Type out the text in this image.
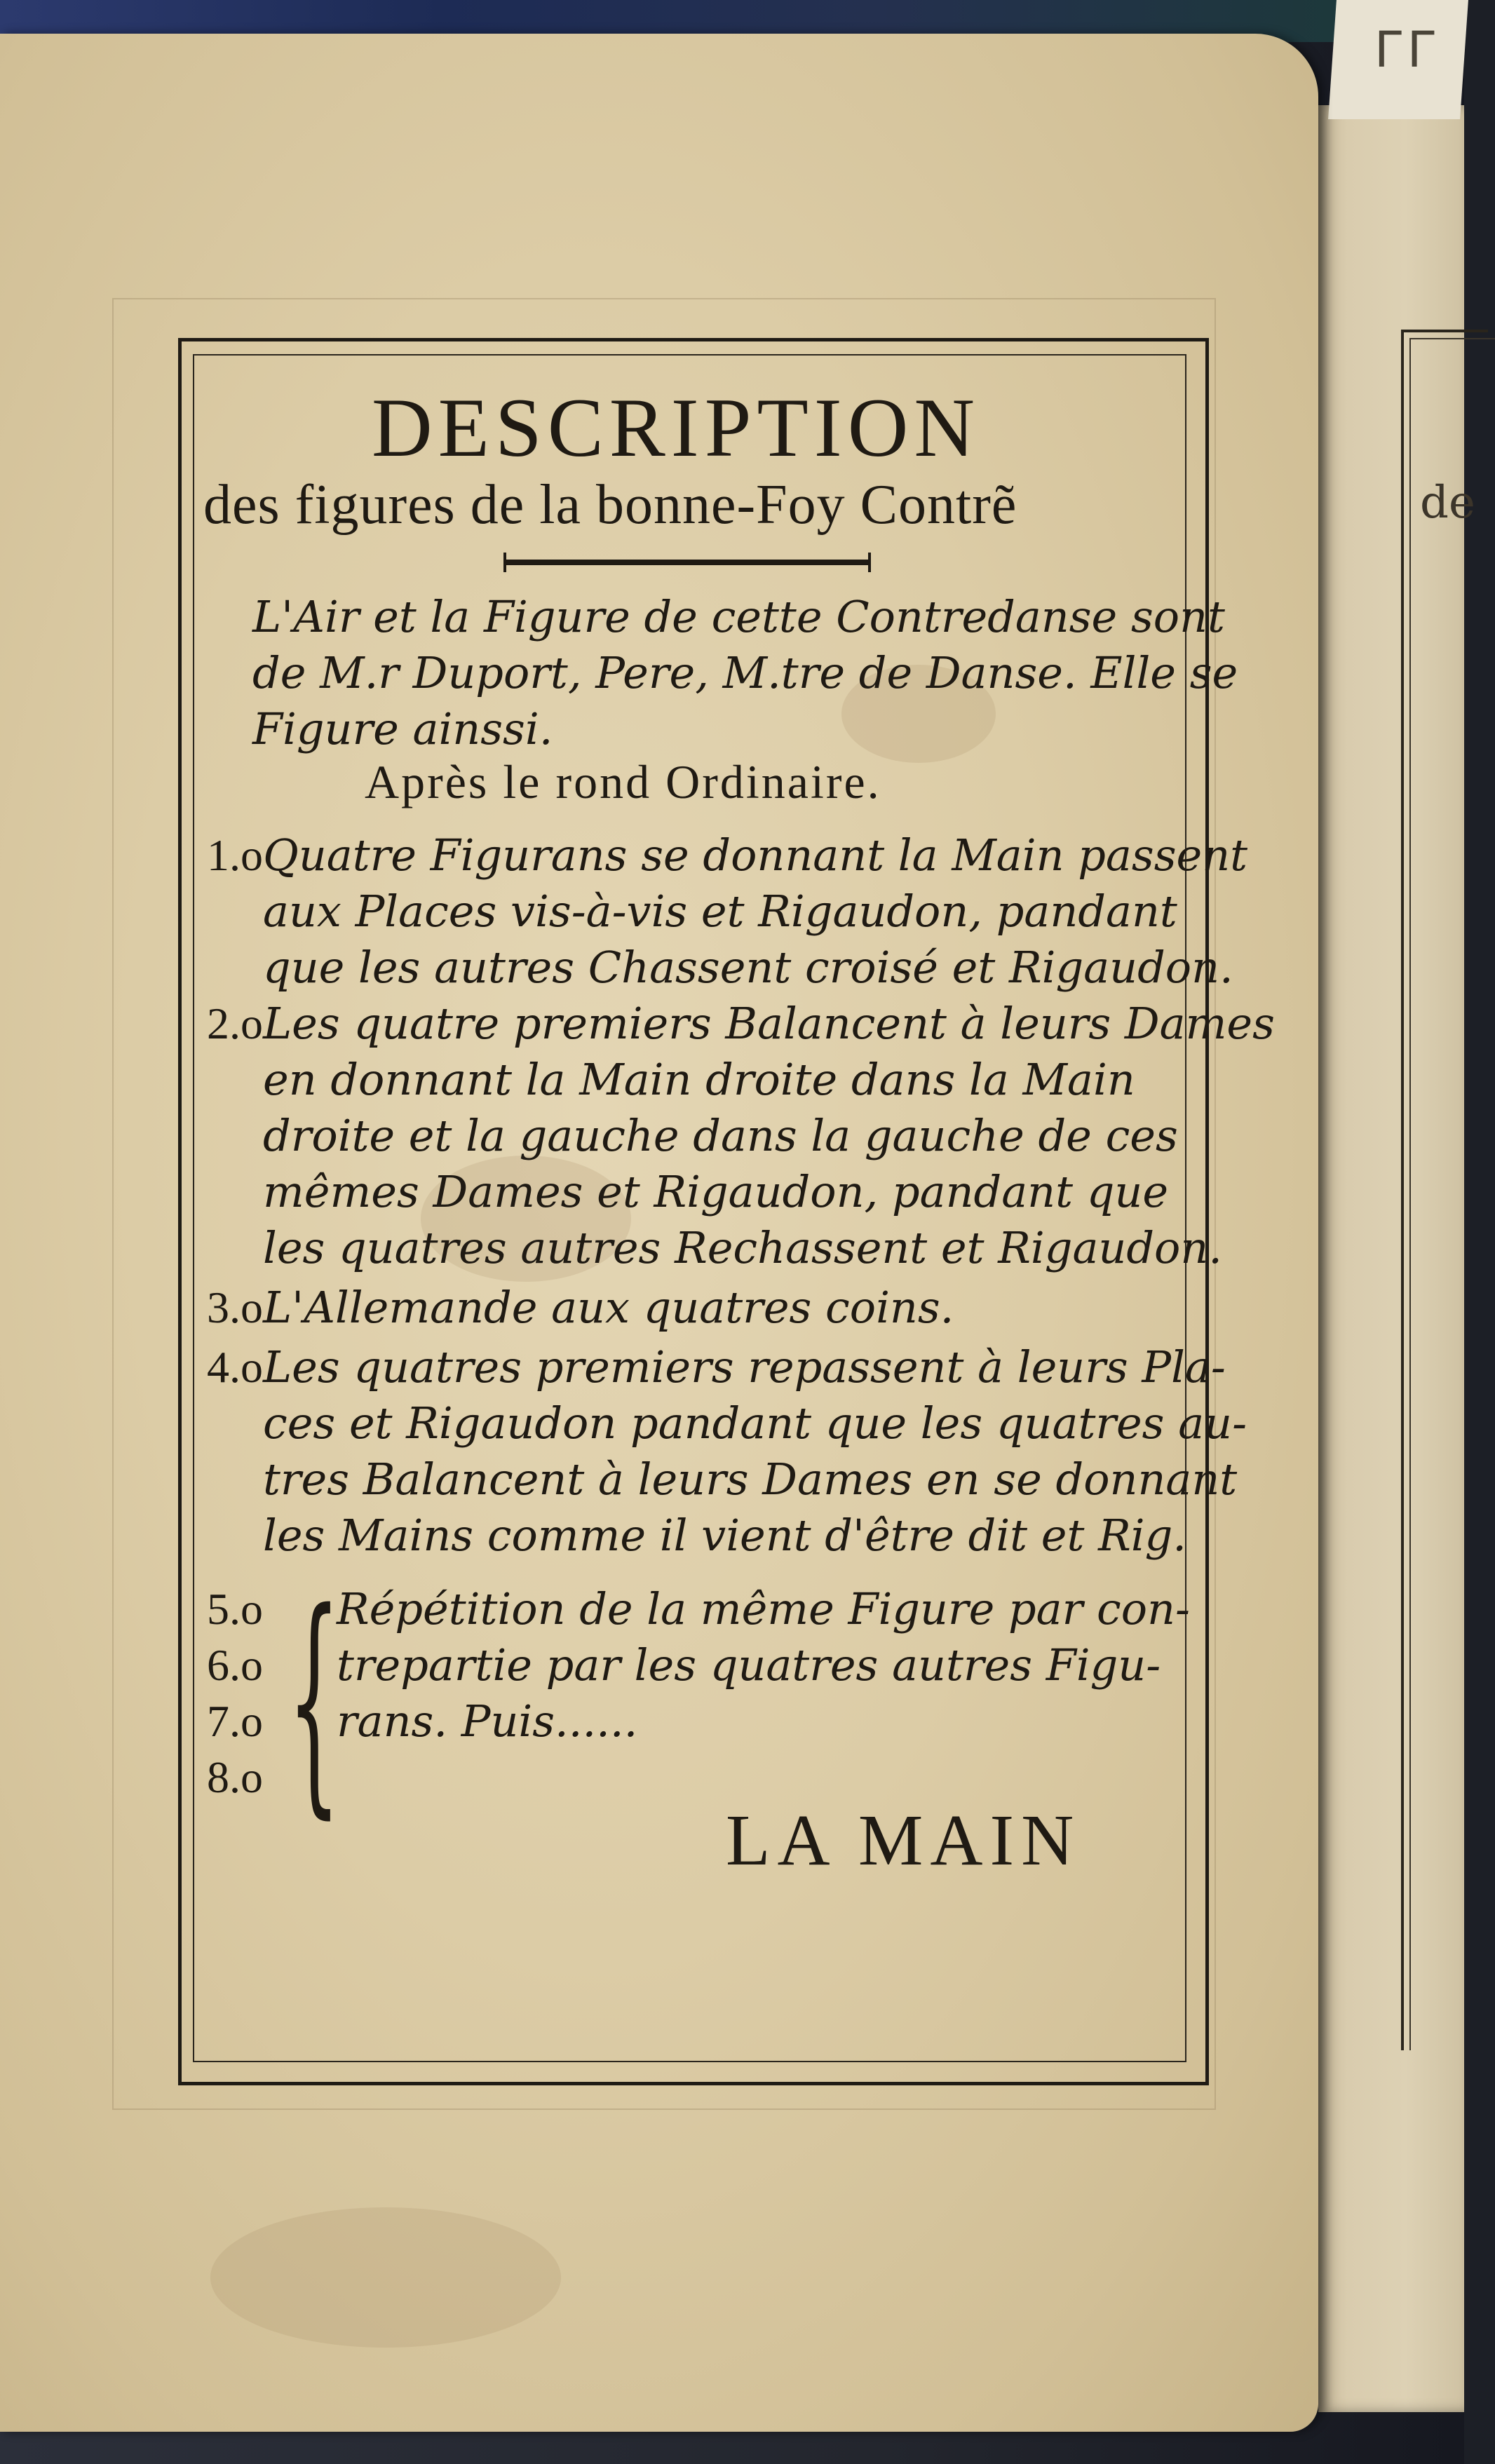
de
ГГ
DESCRIPTION
des figures de la bonne-Foy Contrẽ
L'Air et la Figure de cette Contredanse sont
de M.r Duport, Pere, M.tre de Danse. Elle se
Figure ainssi.
Après le rond Ordinaire.
1.o Quatre Figurans se donnant la Main passent
aux Places vis-à-vis et Rigaudon, pandant
que les autres Chassent croisé et Rigaudon.
2.o Les quatre premiers Balancent à leurs Dames
en donnant la Main droite dans la Main
droite et la gauche dans la gauche de ces
mêmes Dames et Rigaudon, pandant que
les quatres autres Rechassent et Rigaudon.
3.o L'Allemande aux quatres coins.
4.o Les quatres premiers repassent à leurs Pla-
ces et Rigaudon pandant que les quatres au-
tres Balancent à leurs Dames en se donnant
les Mains comme il vient d'être dit et Rig.
5.o
6.o
7.o
8.o {
Répétition de la même Figure par con-
trepartie par les quatres autres Figu-
rans. Puis......
LA MAIN
